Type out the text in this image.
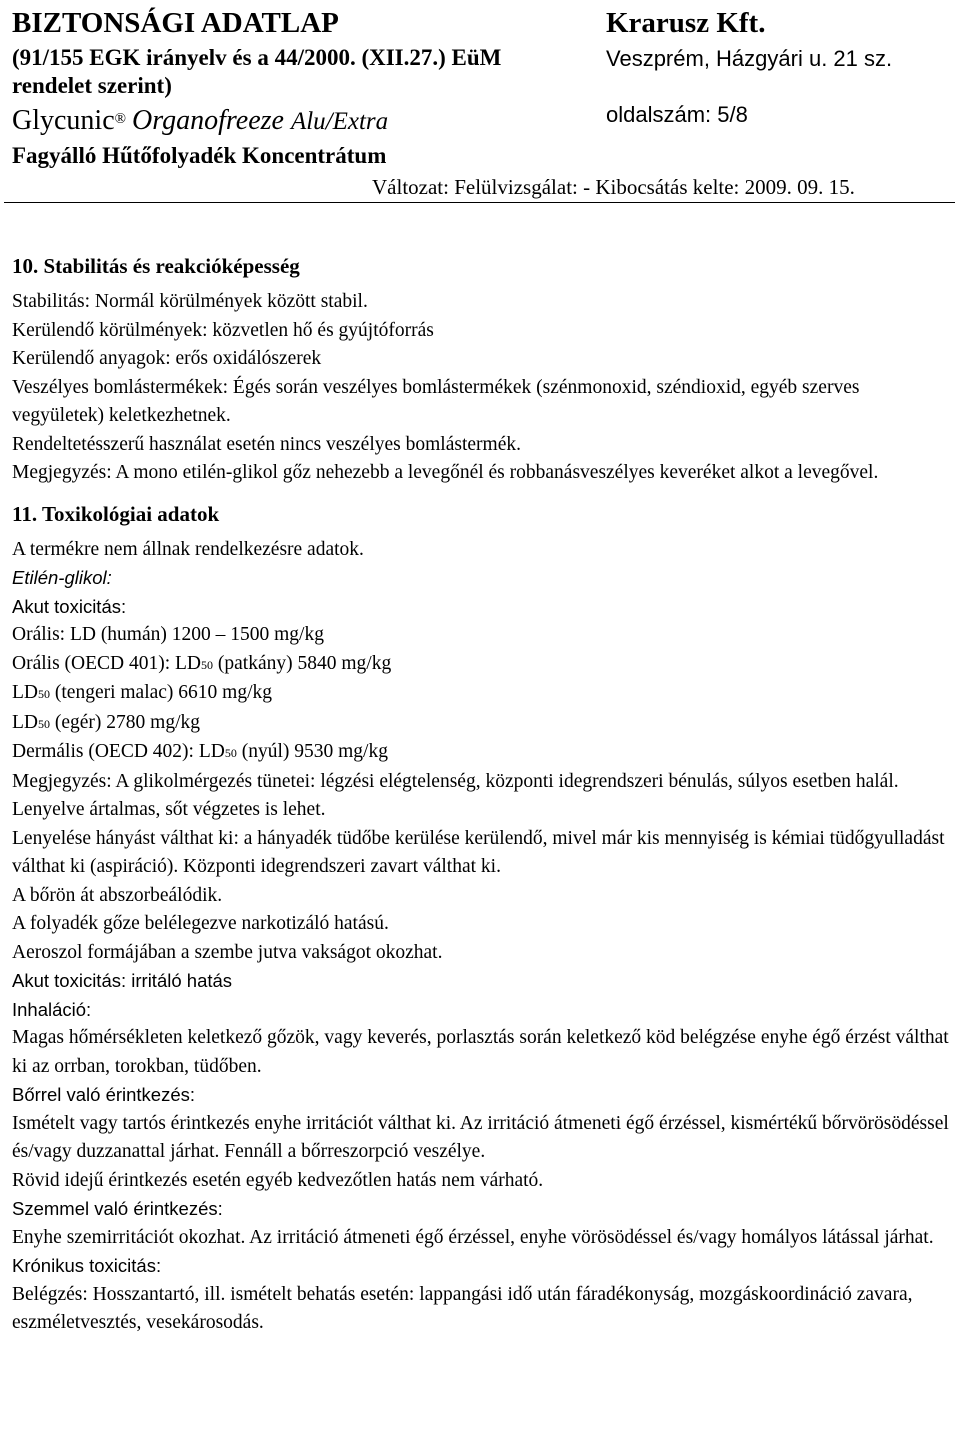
BIZTONSÁGI ADATLAP
(91/155 EGK irányelv és a 44/2000. (XII.27.) EüM
rendelet szerint)
Glycunic® Organofreeze Alu/Extra
Fagyálló Hűtőfolyadék Koncentrátum
Krarusz Kft.
Veszprém, Házgyári u. 21 sz.
oldalszám: 5/8
Változat: Felülvizsgálat: - Kibocsátás kelte: 2009. 09. 15.

10. Stabilitás és reakcióképesség

Stabilitás: Normál körülmények között stabil.

Kerülendő körülmények: közvetlen hő és gyújtóforrás

Kerülendő anyagok: erős oxidálószerek

Veszélyes bomlástermékek: Égés során veszélyes bomlástermékek (szénmonoxid, széndioxid, egyéb szerves vegyületek) keletkezhetnek.

Rendeltetésszerű használat esetén nincs veszélyes bomlástermék.

Megjegyzés: A mono etilén-glikol gőz nehezebb a levegőnél és robbanásveszélyes keveréket alkot a levegővel.

11. Toxikológiai adatok

A termékre nem állnak rendelkezésre adatok.

Etilén-glikol:

Akut toxicitás:

Orális: LD (humán) 1200 – 1500 mg/kg

Orális (OECD 401): LD50 (patkány) 5840 mg/kg

LD50 (tengeri malac) 6610 mg/kg

LD50 (egér) 2780 mg/kg

Dermális (OECD 402): LD50 (nyúl) 9530 mg/kg

Megjegyzés: A glikolmérgezés tünetei: légzési elégtelenség, központi idegrendszeri bénulás, súlyos esetben halál.

Lenyelve ártalmas, sőt végzetes is lehet.

Lenyelése hányást válthat ki: a hányadék tüdőbe kerülése kerülendő, mivel már kis mennyiség is kémiai tüdőgyulladást válthat ki (aspiráció). Központi idegrendszeri zavart válthat ki.

A bőrön át abszorbeálódik.

A folyadék gőze belélegezve narkotizáló hatású.

Aeroszol formájában a szembe jutva vakságot okozhat.

Akut toxicitás: irritáló hatás

Inhaláció:

Magas hőmérsékleten keletkező gőzök, vagy keverés, porlasztás során keletkező köd belégzése enyhe égő érzést válthat ki az orrban, torokban, tüdőben.

Bőrrel való érintkezés:

Ismételt vagy tartós érintkezés enyhe irritációt válthat ki. Az irritáció átmeneti égő érzéssel, kismértékű bőrvörösödéssel és/vagy duzzanattal járhat. Fennáll a bőrreszorpció veszélye.

Rövid idejű érintkezés esetén egyéb kedvezőtlen hatás nem várható.

Szemmel való érintkezés:

Enyhe szemirritációt okozhat. Az irritáció átmeneti égő érzéssel, enyhe vörösödéssel és/vagy homályos látással járhat.

Krónikus toxicitás:

Belégzés: Hosszantartó, ill. ismételt behatás esetén: lappangási idő után fáradékonyság, mozgáskoordináció zavara, eszméletvesztés, vesekárosodás.
